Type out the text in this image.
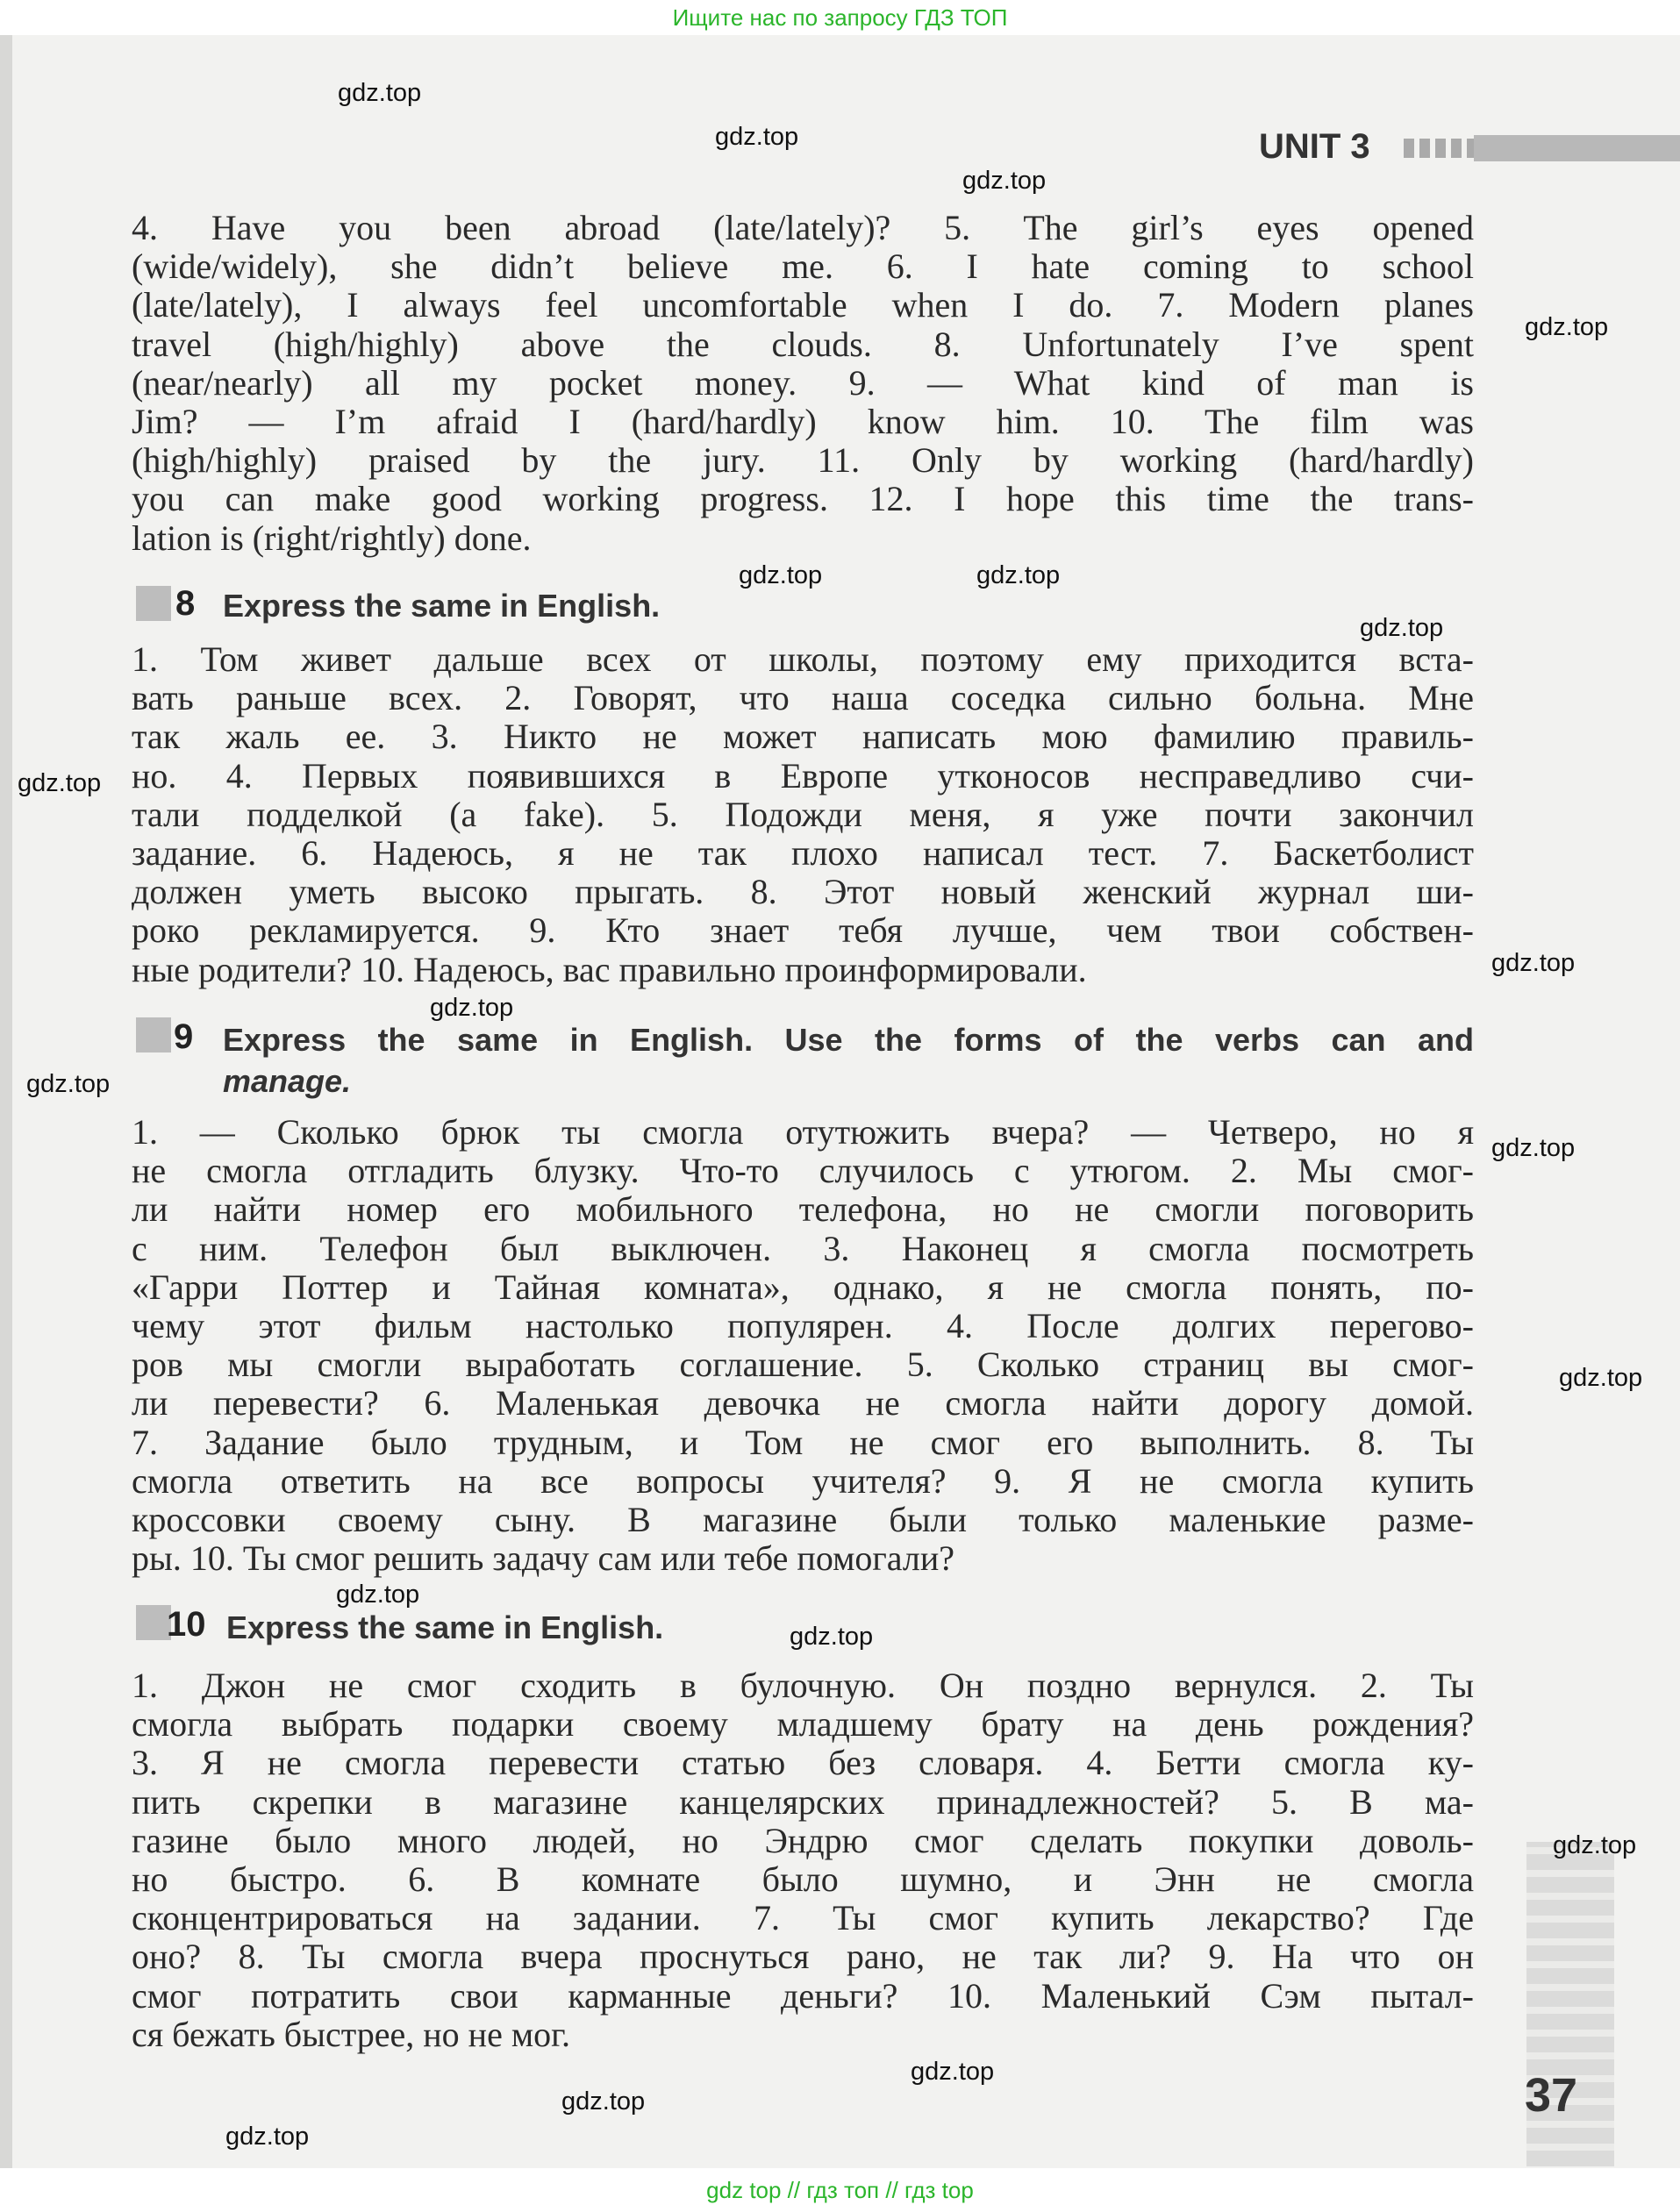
Ищите нас по запросу ГДЗ ТОП
UNIT 3
4. Have you been abroad (late/lately)? 5. The girl’s eyes opened
(wide/widely), she didn’t believe me. 6. I hate coming to school
(late/lately), I always feel uncomfortable when I do. 7. Modern planes
travel (high/highly) above the clouds. 8. Unfortunately I’ve spent
(near/nearly) all my pocket money. 9. — What kind of man is
Jim? — I’m afraid I (hard/hardly) know him. 10. The film was
(high/highly) praised by the jury. 11. Only by working (hard/hardly)
you can make good working progress. 12. I hope this time the trans-
lation is (right/rightly) done.
8 Express the same in English.
1. Том живет дальше всех от школы, поэтому ему приходится вста-
вать раньше всех. 2. Говорят, что наша соседка сильно больна. Мне
так жаль ее. 3. Никто не может написать мою фамилию правиль-
но. 4. Первых появившихся в Европе утконосов несправедливо счи-
тали подделкой (a fake). 5. Подожди меня, я уже почти закончил
задание. 6. Надеюсь, я не так плохо написал тест. 7. Баскетболист
должен уметь высоко прыгать. 8. Этот новый женский журнал ши-
роко рекламируется. 9. Кто знает тебя лучше, чем твои собствен-
ные родители? 10. Надеюсь, вас правильно проинформировали.
9 Express the same in English. Use the forms of the verbs can and
manage.
1. — Сколько брюк ты смогла отутюжить вчера? — Четверо, но я
не смогла отгладить блузку. Что-то случилось с утюгом. 2. Мы смог-
ли найти номер его мобильного телефона, но не смогли поговорить
с ним. Телефон был выключен. 3. Наконец я смогла посмотреть
«Гарри Поттер и Тайная комната», однако, я не смогла понять, по-
чему этот фильм настолько популярен. 4. После долгих перегово-
ров мы смогли выработать соглашение. 5. Сколько страниц вы смог-
ли перевести? 6. Маленькая девочка не смогла найти дорогу домой.
7. Задание было трудным, и Том не смог его выполнить. 8. Ты
смогла ответить на все вопросы учителя? 9. Я не смогла купить
кроссовки своему сыну. В магазине были только маленькие разме-
ры. 10. Ты смог решить задачу сам или тебе помогали?
10 Express the same in English.
1. Джон не смог сходить в булочную. Он поздно вернулся. 2. Ты
смогла выбрать подарки своему младшему брату на день рождения?
3. Я не смогла перевести статью без словаря. 4. Бетти смогла ку-
пить скрепки в магазине канцелярских принадлежностей? 5. В ма-
газине было много людей, но Эндрю смог сделать покупки доволь-
но быстро. 6. В комнате было шумно, и Энн не смогла
сконцентрироваться на задании. 7. Ты смог купить лекарство? Где
оно? 8. Ты смогла вчера проснуться рано, не так ли? 9. На что он
смог потратить свои карманные деньги? 10. Маленький Сэм пытал-
ся бежать быстрее, но не мог.
37
gdz.top
gdz.top
gdz.top
gdz.top
gdz.top
gdz.top
gdz.top
gdz.top
gdz.top
gdz.top
gdz.top
gdz.top
gdz.top
gdz.top
gdz.top
gdz.top
gdz.top
gdz.top
gdz.top
gdz top // гдз топ // гдз top
